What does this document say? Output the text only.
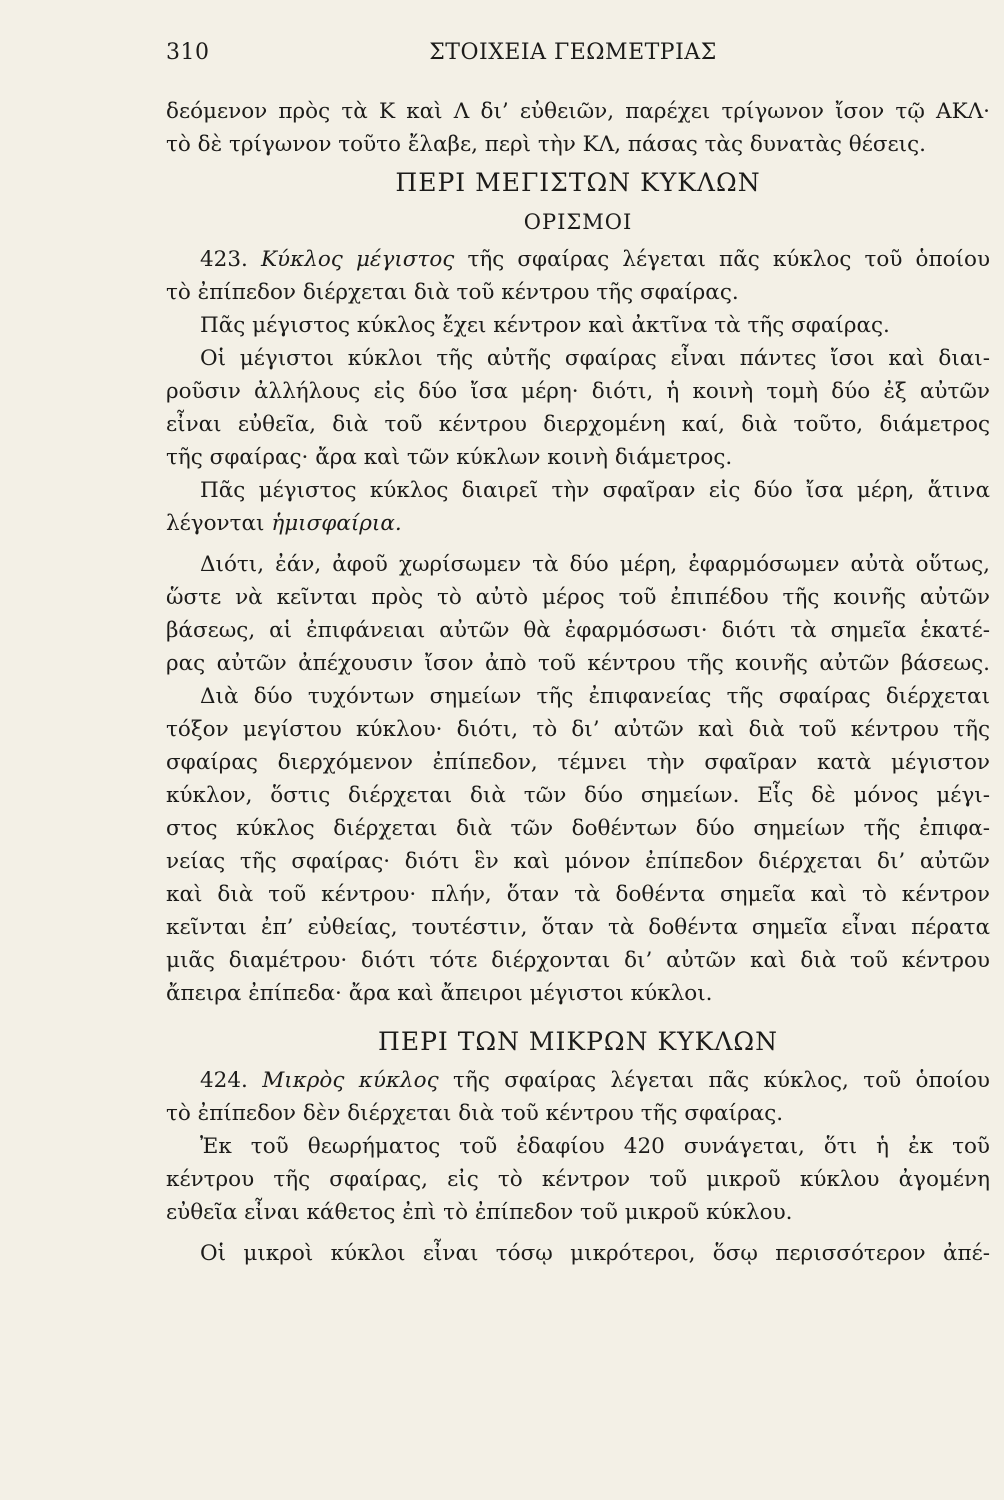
310	ΣΤΟΙΧΕΙΑ ΓΕΩΜΕΤΡΙΑΣ
δεόμενον πρὸς τὰ Κ καὶ Λ δι’ εὐθειῶν, παρέχει τρίγωνον ἴσον τῷ ΑΚΛ·
τὸ δὲ τρίγωνον τοῦτο ἔλαβε, περὶ τὴν ΚΛ, πάσας τὰς δυνατὰς θέσεις.
ΠΕΡΙ ΜΕΓΙΣΤΩΝ ΚΥΚΛΩΝ
ΟΡΙΣΜΟΙ
423. Κύκλος μέγιστος τῆς σφαίρας λέγεται πᾶς κύκλος τοῦ ὁποίου
τὸ ἐπίπεδον διέρχεται διὰ τοῦ κέντρου τῆς σφαίρας.
Πᾶς μέγιστος κύκλος ἔχει κέντρον καὶ ἀκτῖνα τὰ τῆς σφαίρας.
Οἱ μέγιστοι κύκλοι τῆς αὐτῆς σφαίρας εἶναι πάντες ἴσοι καὶ διαι-
ροῦσιν ἀλλήλους εἰς δύο ἴσα μέρη· διότι, ἡ κοινὴ τομὴ δύο ἐξ αὐτῶν
εἶναι εὐθεῖα, διὰ τοῦ κέντρου διερχομένη καί, διὰ τοῦτο, διάμετρος
τῆς σφαίρας· ἄρα καὶ τῶν κύκλων κοινὴ διάμετρος.
Πᾶς μέγιστος κύκλος διαιρεῖ τὴν σφαῖραν εἰς δύο ἴσα μέρη, ἅτινα
λέγονται ἡμισφαίρια.
Διότι, ἐάν, ἀφοῦ χωρίσωμεν τὰ δύο μέρη, ἐφαρμόσωμεν αὐτὰ οὕτως,
ὥστε νὰ κεῖνται πρὸς τὸ αὐτὸ μέρος τοῦ ἐπιπέδου τῆς κοινῆς αὐτῶν
βάσεως, αἱ ἐπιφάνειαι αὐτῶν θὰ ἐφαρμόσωσι· διότι τὰ σημεῖα ἑκατέ-
ρας αὐτῶν ἀπέχουσιν ἴσον ἀπὸ τοῦ κέντρου τῆς κοινῆς αὐτῶν βάσεως.
Διὰ δύο τυχόντων σημείων τῆς ἐπιφανείας τῆς σφαίρας διέρχεται
τόξον μεγίστου κύκλου· διότι, τὸ δι’ αὐτῶν καὶ διὰ τοῦ κέντρου τῆς
σφαίρας διερχόμενον ἐπίπεδον, τέμνει τὴν σφαῖραν κατὰ μέγιστον
κύκλον, ὅστις διέρχεται διὰ τῶν δύο σημείων. Εἷς δὲ μόνος μέγι-
στος κύκλος διέρχεται διὰ τῶν δοθέντων δύο σημείων τῆς ἐπιφα-
νείας τῆς σφαίρας· διότι ἓν καὶ μόνον ἐπίπεδον διέρχεται δι’ αὐτῶν
καὶ διὰ τοῦ κέντρου· πλήν, ὅταν τὰ δοθέντα σημεῖα καὶ τὸ κέντρον
κεῖνται ἐπ’ εὐθείας, τουτέστιν, ὅταν τὰ δοθέντα σημεῖα εἶναι πέρατα
μιᾶς διαμέτρου· διότι τότε διέρχονται δι’ αὐτῶν καὶ διὰ τοῦ κέντρου
ἄπειρα ἐπίπεδα· ἄρα καὶ ἄπειροι μέγιστοι κύκλοι.
ΠΕΡΙ ΤΩΝ ΜΙΚΡΩΝ ΚΥΚΛΩΝ
424. Μικρὸς κύκλος τῆς σφαίρας λέγεται πᾶς κύκλος, τοῦ ὁποίου
τὸ ἐπίπεδον δὲν διέρχεται διὰ τοῦ κέντρου τῆς σφαίρας.
Ἐκ τοῦ θεωρήματος τοῦ ἐδαφίου 420 συνάγεται, ὅτι ἡ ἐκ τοῦ
κέντρου τῆς σφαίρας, εἰς τὸ κέντρον τοῦ μικροῦ κύκλου ἀγομένη
εὐθεῖα εἶναι κάθετος ἐπὶ τὸ ἐπίπεδον τοῦ μικροῦ κύκλου.
Οἱ μικροὶ κύκλοι εἶναι τόσῳ μικρότεροι, ὅσῳ περισσότερον ἀπέ-
